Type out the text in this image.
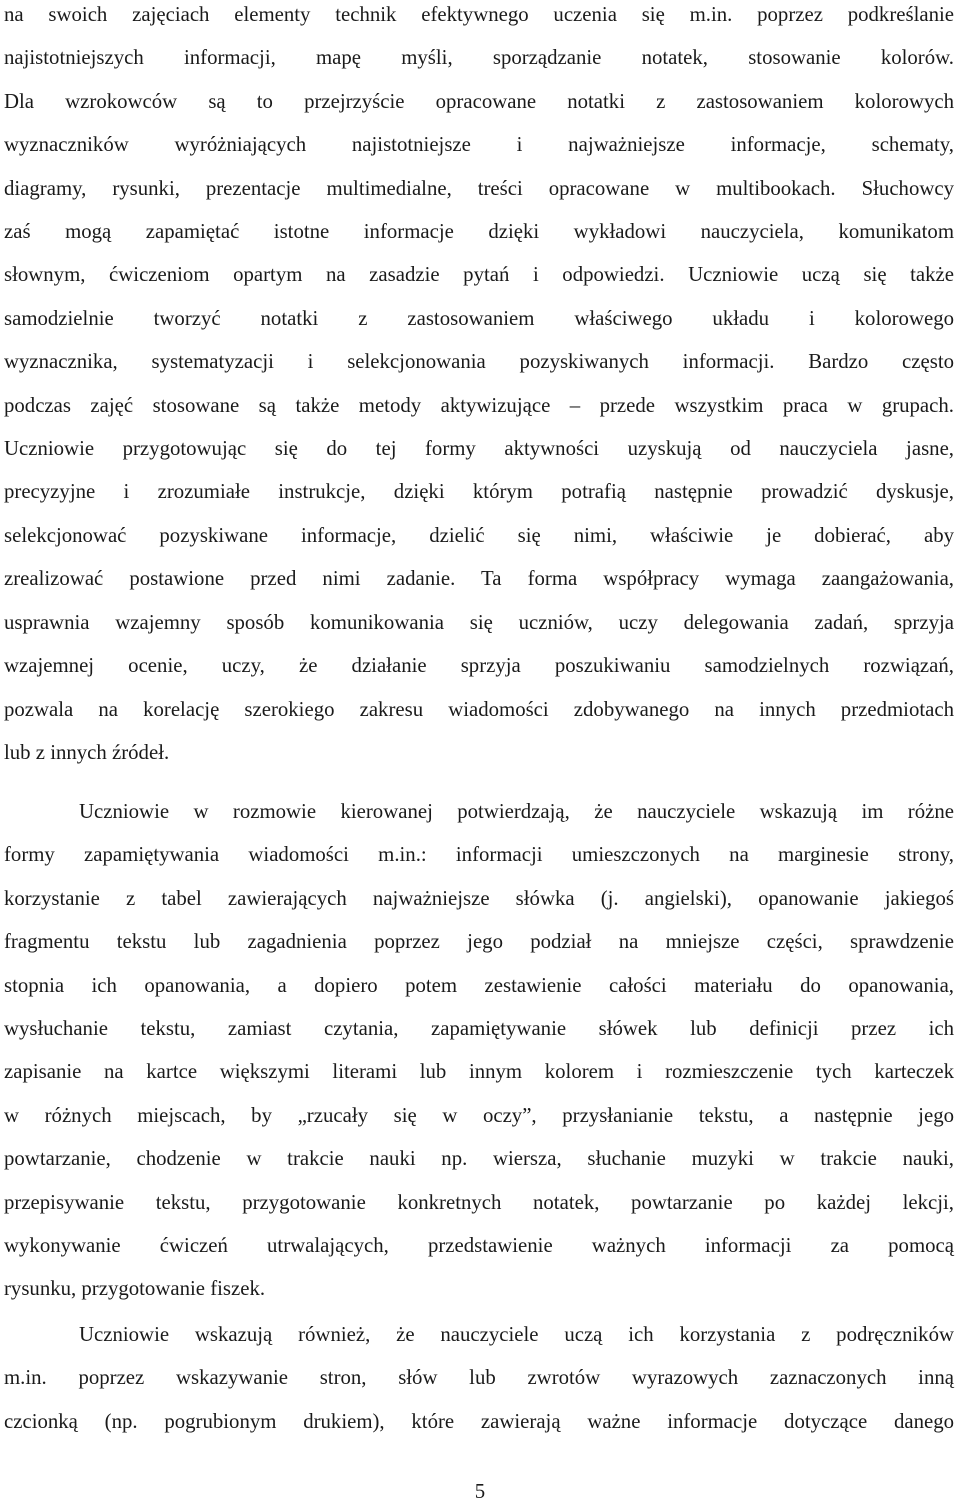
na swoich zajęciach elementy technik efektywnego uczenia się m.in. poprzez podkreślanie
najistotniejszych informacji, mapę myśli, sporządzanie notatek, stosowanie kolorów.
Dla wzrokowców są to przejrzyście opracowane notatki z zastosowaniem kolorowych
wyznaczników wyróżniających najistotniejsze i najważniejsze informacje, schematy,
diagramy, rysunki, prezentacje multimedialne, treści opracowane w multibookach. Słuchowcy
zaś mogą zapamiętać istotne informacje dzięki wykładowi nauczyciela, komunikatom
słownym, ćwiczeniom opartym na zasadzie pytań i odpowiedzi. Uczniowie uczą się także
samodzielnie tworzyć notatki z zastosowaniem właściwego układu i kolorowego
wyznacznika, systematyzacji i selekcjonowania pozyskiwanych informacji. Bardzo często
podczas zajęć stosowane są także metody aktywizujące – przede wszystkim praca w grupach.
Uczniowie przygotowując się do tej formy aktywności uzyskują od nauczyciela jasne,
precyzyjne i zrozumiałe instrukcje, dzięki którym potrafią następnie prowadzić dyskusje,
selekcjonować pozyskiwane informacje, dzielić się nimi, właściwie je dobierać, aby
zrealizować postawione przed nimi zadanie. Ta forma współpracy wymaga zaangażowania,
usprawnia wzajemny sposób komunikowania się uczniów, uczy delegowania zadań, sprzyja
wzajemnej ocenie, uczy, że działanie sprzyja poszukiwaniu samodzielnych rozwiązań,
pozwala na korelację szerokiego zakresu wiadomości zdobywanego na innych przedmiotach
lub z innych źródeł.
Uczniowie w rozmowie kierowanej potwierdzają, że nauczyciele wskazują im różne
formy zapamiętywania wiadomości m.in.: informacji umieszczonych na marginesie strony,
korzystanie z tabel zawierających najważniejsze słówka (j. angielski), opanowanie jakiegoś
fragmentu tekstu lub zagadnienia poprzez jego podział na mniejsze części, sprawdzenie
stopnia ich opanowania, a dopiero potem zestawienie całości materiału do opanowania,
wysłuchanie tekstu, zamiast czytania, zapamiętywanie słówek lub definicji przez ich
zapisanie na kartce większymi literami lub innym kolorem i rozmieszczenie tych karteczek
w różnych miejscach, by „rzucały się w oczy”, przysłanianie tekstu, a następnie jego
powtarzanie, chodzenie w trakcie nauki np. wiersza, słuchanie muzyki w trakcie nauki,
przepisywanie tekstu, przygotowanie konkretnych notatek, powtarzanie po każdej lekcji,
wykonywanie ćwiczeń utrwalających, przedstawienie ważnych informacji za pomocą
rysunku, przygotowanie fiszek.
Uczniowie wskazują również, że nauczyciele uczą ich korzystania z podręczników
m.in. poprzez wskazywanie stron, słów lub zwrotów wyrazowych zaznaczonych inną
czcionką (np. pogrubionym drukiem), które zawierają ważne informacje dotyczące danego
5
